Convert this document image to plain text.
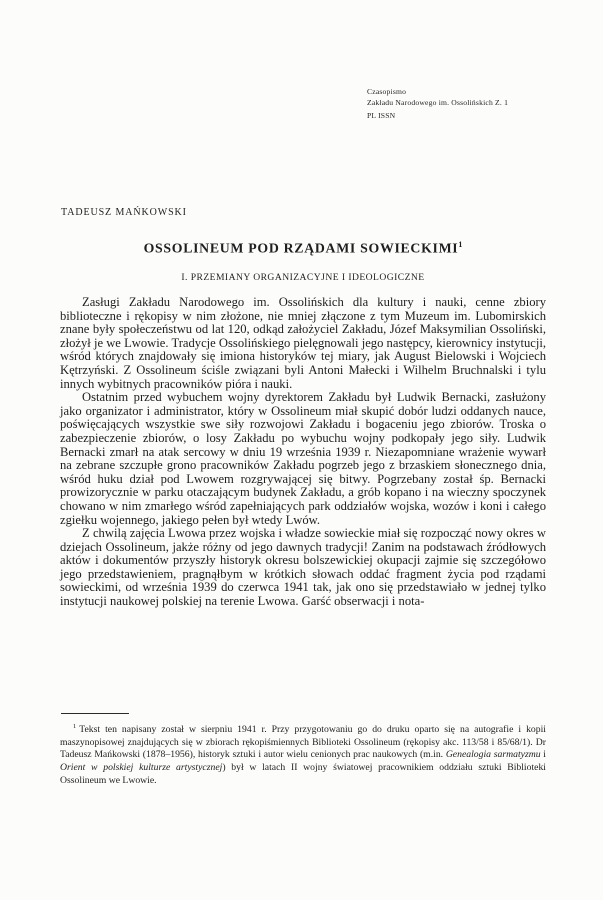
Czasopismo
Zakładu Narodowego im. Ossolińskich Z. 1
PL ISSN
TADEUSZ MAŃKOWSKI
OSSOLINEUM POD RZĄDAMI SOWIECKIMI$^1$
I. PRZEMIANY ORGANIZACYJNE I IDEOLOGICZNE

Zasługi Zakładu Narodowego im. Ossolińskich dla kultury i nauki, cenne zbiory biblioteczne i rękopisy w nim złożone, nie mniej złączone z tym Muzeum im. Lubomirskich znane były społeczeństwu od lat 120, odkąd założyciel Zakładu, Józef Maksymilian Ossoliński, złożył je we Lwowie. Tradycje Ossolińskiego pielęgnowali jego następcy, kierownicy instytucji, wśród których znajdowały się imiona historyków tej miary, jak August Bielowski i Wojciech Kętrzyński. Z Ossolineum ściśle związani byli Antoni Małecki i Wilhelm Bruchnalski i tylu innych wybitnych pracowników pióra i nauki.

Ostatnim przed wybuchem wojny dyrektorem Zakładu był Ludwik Bernacki, zasłużony jako organizator i administrator, który w Ossolineum miał skupić dobór ludzi oddanych nauce, poświęcających wszystkie swe siły rozwojowi Zakładu i bogaceniu jego zbiorów. Troska o zabezpieczenie zbiorów, o losy Zakładu po wybuchu wojny podkopały jego siły. Ludwik Bernacki zmarł na atak sercowy w dniu 19 września 1939 r. Niezapomniane wrażenie wywarł na zebrane szczupłe grono pracowników Zakładu pogrzeb jego z brzaskiem słonecznego dnia, wśród huku dział pod Lwowem rozgrywającej się bitwy. Pogrzebany został śp. Bernacki prowizorycznie w parku otaczającym budynek Zakładu, a grób kopano i na wieczny spoczynek chowano w nim zmarłego wśród zapełniających park oddziałów wojska, wozów i koni i całego zgiełku wojennego, jakiego pełen był wtedy Lwów.

Z chwilą zajęcia Lwowa przez wojska i władze sowieckie miał się rozpocząć nowy okres w dziejach Ossolineum, jakże różny od jego dawnych tradycji! Zanim na podstawach źródłowych aktów i dokumentów przyszły historyk okresu bolszewickiej okupacji zajmie się szczegółowo jego przedstawieniem, pragnąłbym w krótkich słowach oddać fragment życia pod rządami sowieckimi, od września 1939 do czerwca 1941 tak, jak ono się przedstawiało w jednej tylko instytucji naukowej polskiej na terenie Lwowa. Garść obserwacji i nota-

$^1$ Tekst ten napisany został w sierpniu 1941 r. Przy przygotowaniu go do druku oparto się na autografie i kopii maszynopisowej znajdujących się w zbiorach rękopiśmiennych Biblioteki Ossolineum (rękopisy akc. 113/58 i 85/68/1). Dr Tadeusz Mańkowski (1878–1956), historyk sztuki i autor wielu cenionych prac naukowych (m.in. Genealogia sarmatyzmu i Orient w polskiej kulturze artystycznej) był w latach II wojny światowej pracownikiem oddziału sztuki Biblioteki Ossolineum we Lwowie.
